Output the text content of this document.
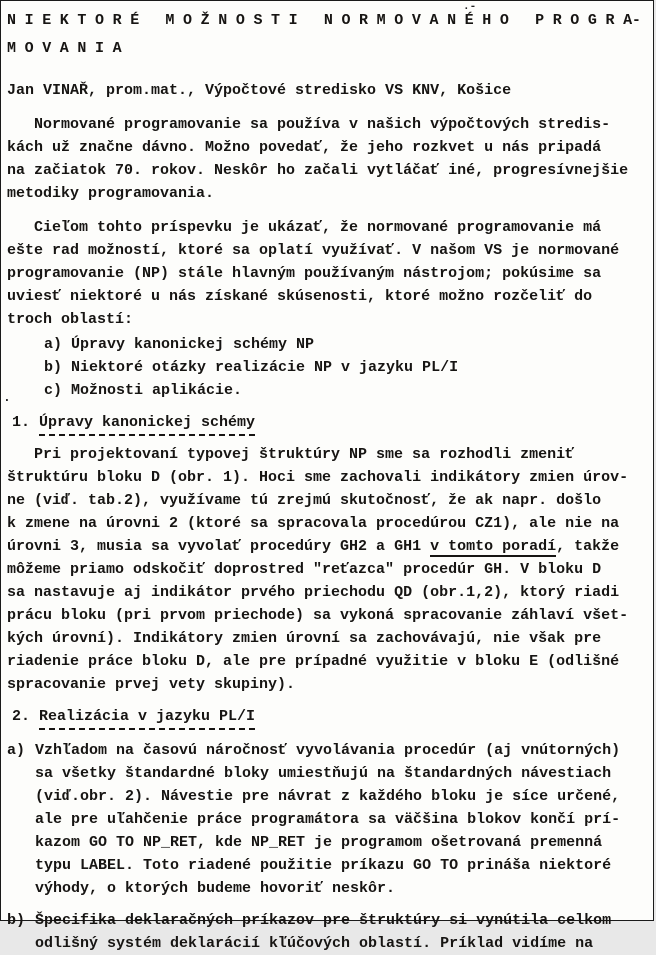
.-
.
N I E K T O R É   M O Ž N O S T I   N O R M O V A N É H O   P R O G R A-
M O V A N I A
Jan VINAŘ, prom.mat., Výpočtové stredisko VS KNV, Košice
Normované programovanie sa používa v našich výpočtových stredis-
kách už značne dávno. Možno povedať, že jeho rozkvet u nás pripadá
na začiatok 70. rokov. Neskôr ho začali vytláčať iné, progresívnejšie
metodiky programovania.
Cieľom tohto príspevku je ukázať, že normované programovanie má
ešte rad možností, ktoré sa oplatí využívať. V našom VS je normované
programovanie (NP) stále hlavným používaným nástrojom; pokúsime sa
uviesť niektoré u nás získané skúsenosti, ktoré možno rozčeliť do
troch oblastí:
a) Úpravy kanonickej schémy NP
b) Niektoré otázky realizácie NP v jazyku PL/I
c) Možnosti aplikácie.
1. Úpravy kanonickej schémy
Pri projektovaní typovej štruktúry NP sme sa rozhodli zmeniť
štruktúru bloku D (obr. 1). Hoci sme zachovali indikátory zmien úrov-
ne (viď. tab.2), využívame tú zrejmú skutočnosť, že ak napr. došlo
k zmene na úrovni 2 (ktoré sa spracovala procedúrou CZ1), ale nie na
úrovni 3, musia sa vyvolať procedúry GH2 a GH1 v tomto poradí, takže
môžeme priamo odskočiť doprostred "reťazca" procedúr GH. V bloku D
sa nastavuje aj indikátor prvého priechodu QD (obr.1,2), ktorý riadi
prácu bloku (pri prvom priechode) sa vykoná spracovanie záhlaví všet-
kých úrovní). Indikátory zmien úrovní sa zachovávajú, nie však pre
riadenie práce bloku D, ale pre prípadné využitie v bloku E (odlišné
spracovanie prvej vety skupiny).
2. Realizácia v jazyku PL/I
a) Vzhľadom na časovú náročnosť vyvolávania procedúr (aj vnútorných)
sa všetky štandardné bloky umiestňujú na štandardných návestiach
(viď.obr. 2). Návestie pre návrat z každého bloku je síce určené,
ale pre uľahčenie práce programátora sa väčšina blokov končí prí-
kazom GO TO NP_RET, kde NP_RET je programom ošetrovaná premenná
typu LABEL. Toto riadené použitie príkazu GO TO prináša niektoré
výhody, o ktorých budeme hovoriť neskôr.
b) Špecifika deklaračných príkazov pre štruktúry si vynútila celkom
odlišný systém deklarácií kľúčových oblastí. Príklad vidíme na
